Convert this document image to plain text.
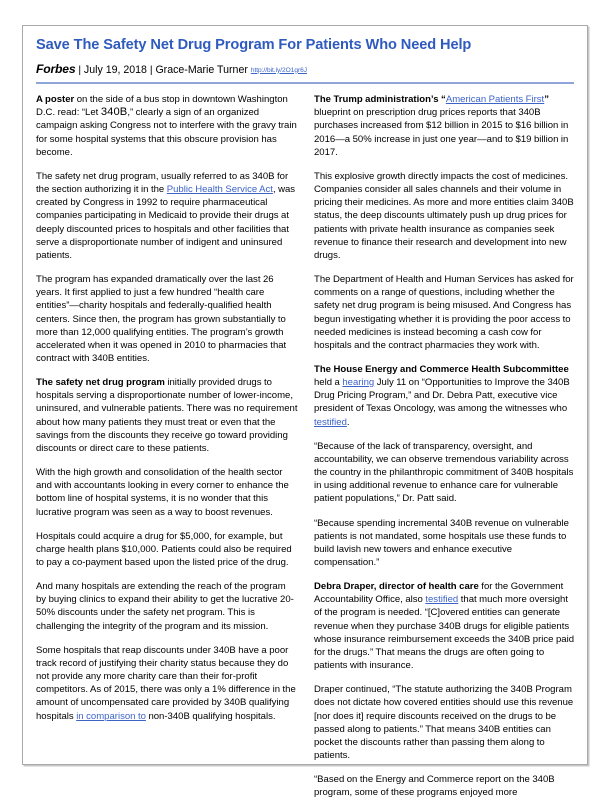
Save The Safety Net Drug Program For Patients Who Need Help
Forbes | July 19, 2018 | Grace-Marie Turner http://bit.ly/2O1gr6J

A poster on the side of a bus stop in downtown Washington D.C. read: “Let 340B,” clearly a sign of an organized campaign asking Congress not to interfere with the gravy train for some hospital systems that this obscure provision has become.

The safety net drug program, usually referred to as 340B for the section authorizing it in the Public Health Service Act, was created by Congress in 1992 to require pharmaceutical companies participating in Medicaid to provide their drugs at deeply discounted prices to hospitals and other facilities that serve a disproportionate number of indigent and uninsured patients.

The program has expanded dramatically over the last 26 years. It first applied to just a few hundred “health care entities”—charity hospitals and federally-qualified health centers. Since then, the program has grown substantially to more than 12,000 qualifying entities. The program’s growth accelerated when it was opened in 2010 to pharmacies that contract with 340B entities.

The safety net drug program initially provided drugs to hospitals serving a disproportionate number of lower-income, uninsured, and vulnerable patients. There was no requirement about how many patients they must treat or even that the savings from the discounts they receive go toward providing discounts or direct care to these patients.

With the high growth and consolidation of the health sector and with accountants looking in every corner to enhance the bottom line of hospital systems, it is no wonder that this lucrative program was seen as a way to boost revenues.

Hospitals could acquire a drug for $5,000, for example, but charge health plans $10,000. Patients could also be required to pay a co-payment based upon the listed price of the drug.

And many hospitals are extending the reach of the program by buying clinics to expand their ability to get the lucrative 20-50% discounts under the safety net program. This is challenging the integrity of the program and its mission.

Some hospitals that reap discounts under 340B have a poor track record of justifying their charity status because they do not provide any more charity care than their for-profit competitors. As of 2015, there was only a 1% difference in the amount of uncompensated care provided by 340B qualifying hospitals in comparison to non-340B qualifying hospitals.

The Trump administration’s “American Patients First” blueprint on prescription drug prices reports that 340B purchases increased from $12 billion in 2015 to $16 billion in 2016—a 50% increase in just one year—and to $19 billion in 2017.

This explosive growth directly impacts the cost of medicines. Companies consider all sales channels and their volume in pricing their medicines. As more and more entities claim 340B status, the deep discounts ultimately push up drug prices for patients with private health insurance as companies seek revenue to finance their research and development into new drugs.

The Department of Health and Human Services has asked for comments on a range of questions, including whether the safety net drug program is being misused. And Congress has begun investigating whether it is providing the poor access to needed medicines is instead becoming a cash cow for hospitals and the contract pharmacies they work with.

The House Energy and Commerce Health Subcommittee held a hearing July 11 on “Opportunities to Improve the 340B Drug Pricing Program,” and Dr. Debra Patt, executive vice president of Texas Oncology, was among the witnesses who testified.

“Because of the lack of transparency, oversight, and accountability, we can observe tremendous variability across the country in the philanthropic commitment of 340B hospitals in using additional revenue to enhance care for vulnerable patient populations,” Dr. Patt said.

“Because spending incremental 340B revenue on vulnerable patients is not mandated, some hospitals use these funds to build lavish new towers and enhance executive compensation.”

Debra Draper, director of health care for the Government Accountability Office, also testified that much more oversight of the program is needed. “[C]overed entities can generate revenue when they purchase 340B drugs for eligible patients whose insurance reimbursement exceeds the 340B price paid for the drugs.” That means the drugs are often going to patients with insurance.

Draper continued, “The statute authorizing the 340B Program does not dictate how covered entities should use this revenue [nor does it] require discounts received on the drugs to be passed along to patients.” That means 340B entities can pocket the discounts rather than passing them along to patients.

“Based on the Energy and Commerce report on the 340B program, some of these programs enjoyed more
